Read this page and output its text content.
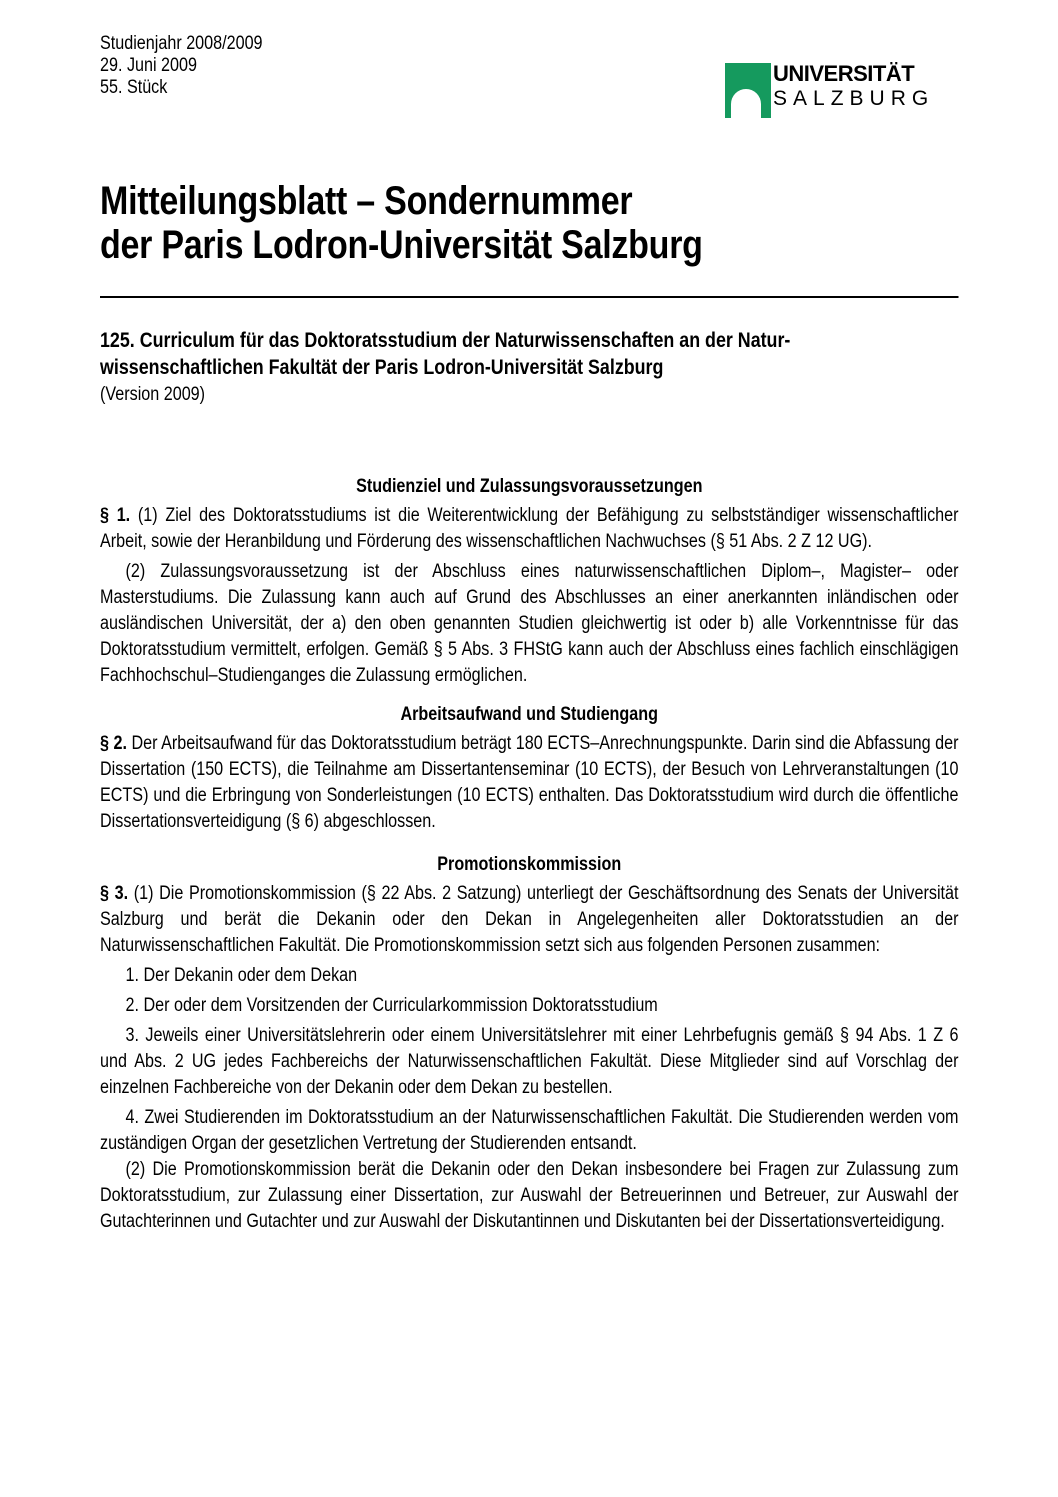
Studienjahr 2008/2009
29. Juni 2009
55. Stück
Mitteilungsblatt – Sondernummer
der Paris Lodron-Universität Salzburg
125. Curriculum für das Doktoratsstudium der Naturwissenschaften an der Natur-
wissenschaftlichen Fakultät der Paris Lodron-Universität Salzburg
(Version 2009)
Studienziel und Zulassungsvoraussetzungen

§ 1. (1) Ziel des Doktoratsstudiums ist die Weiterentwicklung der Befähigung zu selbstständiger wissenschaftlicher Arbeit, sowie der Heranbildung und Förderung des wissenschaftlichen Nachwuchses (§ 51 Abs. 2 Z 12 UG).

(2) Zulassungsvoraussetzung ist der Abschluss eines naturwissenschaftlichen Diplom–, Magister– oder Masterstudiums. Die Zulassung kann auch auf Grund des Abschlusses an einer anerkannten inländischen oder ausländischen Universität, der a) den oben genannten Studien gleichwertig ist oder b) alle Vorkenntnisse für das Doktoratsstudium vermittelt, erfolgen. Gemäß § 5 Abs. 3 FHStG kann auch der Abschluss eines fachlich einschlägigen Fachhochschul–Studienganges die Zulassung ermöglichen.

Arbeitsaufwand und Studiengang

§ 2. Der Arbeitsaufwand für das Doktoratsstudium beträgt 180 ECTS–Anrechnungspunkte. Darin sind die Abfassung der Dissertation (150 ECTS), die Teilnahme am Dissertantenseminar (10 ECTS), der Besuch von Lehrveranstaltungen (10 ECTS) und die Erbringung von Sonderleistungen (10 ECTS) enthalten. Das Doktoratsstudium wird durch die öffentliche Dissertationsverteidigung (§ 6) abgeschlossen.

Promotionskommission

§ 3. (1) Die Promotionskommission (§ 22 Abs. 2 Satzung) unterliegt der Geschäftsordnung des Senats der Universität Salzburg und berät die Dekanin oder den Dekan in Angelegenheiten aller Doktoratsstudien an der Naturwissenschaftlichen Fakultät. Die Promotionskommission setzt sich aus folgenden Personen zusammen:

1. Der Dekanin oder dem Dekan

2. Der oder dem Vorsitzenden der Curricularkommission Doktoratsstudium

3. Jeweils einer Universitätslehrerin oder einem Universitätslehrer mit einer Lehrbefugnis gemäß § 94 Abs. 1 Z 6 und Abs. 2 UG jedes Fachbereichs der Naturwissenschaftlichen Fakultät. Diese Mitglieder sind auf Vorschlag der einzelnen Fachbereiche von der Dekanin oder dem Dekan zu bestellen.

4. Zwei Studierenden im Doktoratsstudium an der Naturwissenschaftlichen Fakultät. Die Studierenden werden vom zuständigen Organ der gesetzlichen Vertretung der Studierenden entsandt.

(2) Die Promotionskommission berät die Dekanin oder den Dekan insbesondere bei Fragen zur Zulassung zum Doktoratsstudium, zur Zulassung einer Dissertation, zur Auswahl der Betreuerinnen und Betreuer, zur Auswahl der Gutachterinnen und Gutachter und zur Auswahl der Diskutantinnen und Diskutanten bei der Dissertationsverteidigung.

UNIVERSITÄT
SALZBURG
